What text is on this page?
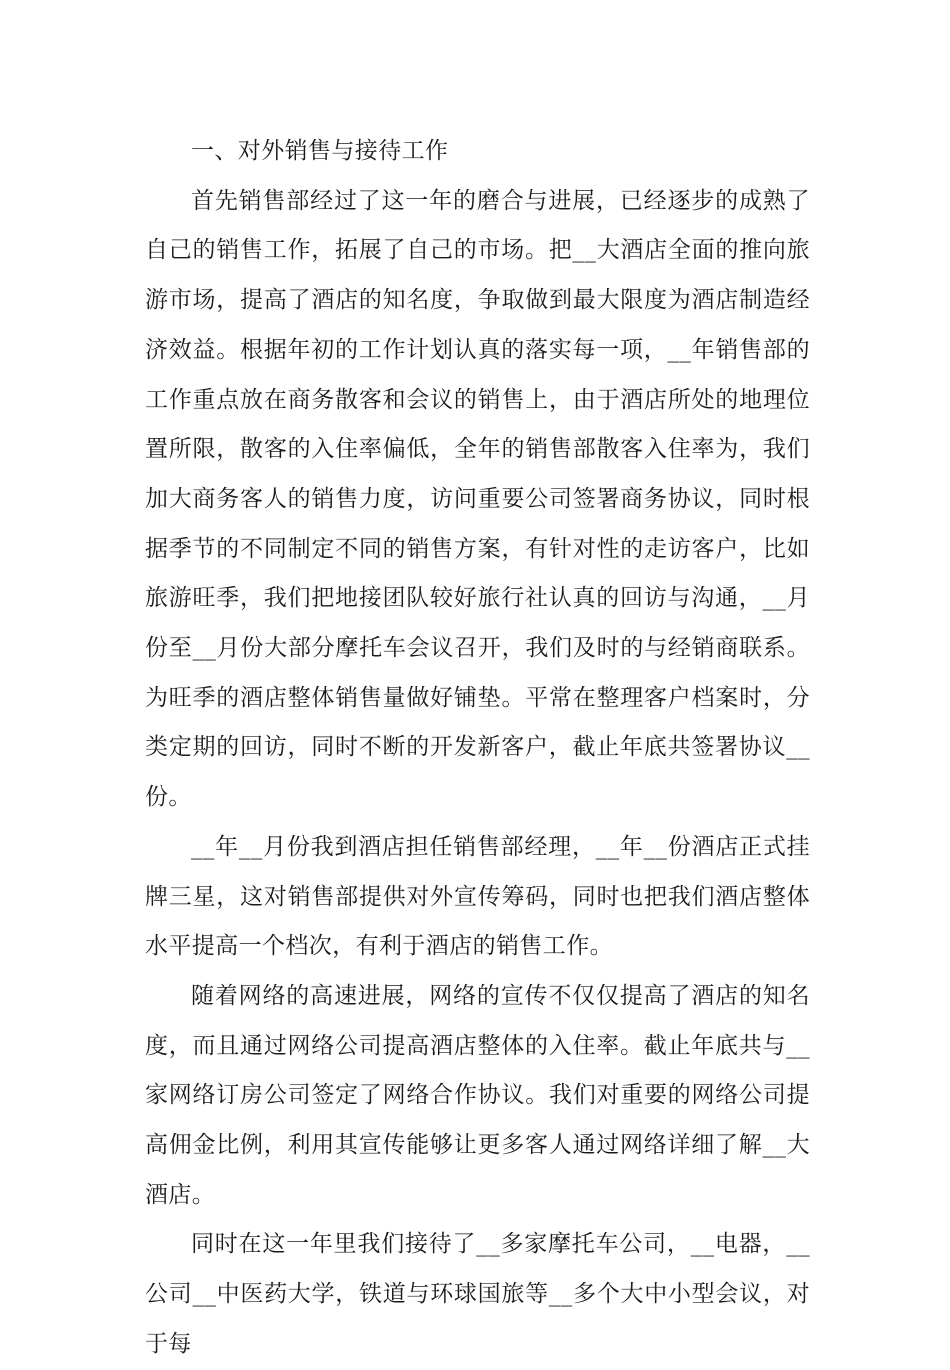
一、对外销售与接待工作

首先销售部经过了这一年的磨合与进展，已经逐步的成熟了自己的销售工作，拓展了自己的市场。把__大酒店全面的推向旅游市场，提高了酒店的知名度，争取做到最大限度为酒店制造经济效益。根据年初的工作计划认真的落实每一项，__年销售部的工作重点放在商务散客和会议的销售上，由于酒店所处的地理位置所限，散客的入住率偏低，全年的销售部散客入住率为，我们加大商务客人的销售力度，访问重要公司签署商务协议，同时根据季节的不同制定不同的销售方案，有针对性的走访客户，比如旅游旺季，我们把地接团队较好旅行社认真的回访与沟通，__月份至__月份大部分摩托车会议召开，我们及时的与经销商联系。为旺季的酒店整体销售量做好铺垫。平常在整理客户档案时，分类定期的回访，同时不断的开发新客户，截止年底共签署协议__份。

__年__月份我到酒店担任销售部经理，__年__份酒店正式挂牌三星，这对销售部提供对外宣传筹码，同时也把我们酒店整体水平提高一个档次，有利于酒店的销售工作。

随着网络的高速进展，网络的宣传不仅仅提高了酒店的知名度，而且通过网络公司提高酒店整体的入住率。截止年底共与__家网络订房公司签定了网络合作协议。我们对重要的网络公司提高佣金比例，利用其宣传能够让更多客人通过网络详细了解__大酒店。

同时在这一年里我们接待了__多家摩托车公司，__电器，__公司__中医药大学，铁道与环球国旅等__多个大中小型会议，对于每
